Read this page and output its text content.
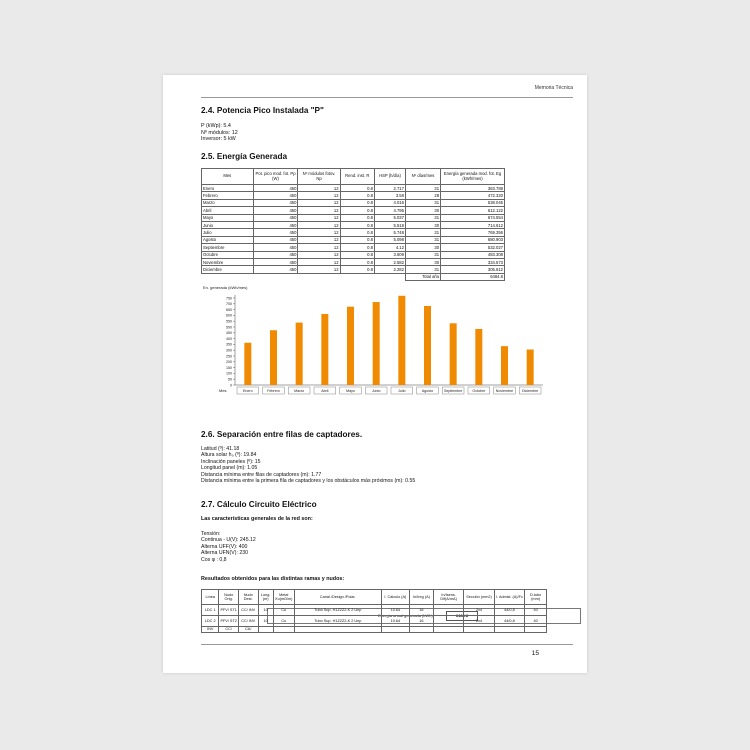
Memoria Técnica
2.4. Potencia Pico Instalada "P"
P (kWp): 5.4
Nº módulos: 12
Inversor: 5 kW
2.5. Energía Generada
Mes	Pot. pico mod. fot. Pp (W)	Nº módulos fotov. Np	Rend. inst. R	HSP (h/día)	Nº días/mes	Energía generada mod. fot. Eg (kWh/mes)
Enero	450	12	0.8	2.717	31	363.788
Febrero	450	12	0.8	3.58	28	472.320
Marzo	450	12	0.8	4.016	31	538.045
Abril	450	12	0.8	4.795	30	612.122
Mayo	450	12	0.8	5.037	31	674.554
Junio	450	12	0.8	5.518	30	714.612
Julio	450	12	0.8	5.748	31	769.356
Agosto	450	12	0.8	5.098	31	680.903
Septiembre	450	12	0.8	4.12	30	532.027
Octubre	450	12	0.8	3.609	31	483.308
Noviembre	450	12	0.8	2.582	30	334.573
Diciembre	450	12	0.8	2.282	31	305.612
					Total año	6484.8
En. generada (kWh/mes)
0
50
100
150
200
250
300
350
400
450
500
550
600
650
700
750
Enero	Febrero	Marzo	Abril	Mayo	Junio	Julio	Agosto	Septiembre	Octubre	Noviembre Diciembre
Mes
Energía anual generada (kWh):	6484.8
2.6. Separación entre filas de captadores.
Latitud (º): 41.18
Altura solar h₀ (º): 19.84
Inclinación paneles (º): 15
Longitud panel (m): 1.05
Distancia mínima entre filas de captadores (m): 1.77
Distancia mínima entre la primera fila de captadores y los obstáculos más próximos (m): 0.55
2.7. Cálculo Circuito Eléctrico
Las características generales de la red son:
Tensión:
Continua - U(V): 245.12
Alterna UFF(V): 400
Alterna UFN(V): 230
Cos φ : 0,8
Resultados obtenidos para las distintas ramas y nudos:
Línea	Nudo Orig.	Nudo Dest.	Long. (m)	Metal Xu(mΩ/m)	Canal./Design./Polar.	I. Cálculo (A)	In/Ireg (A)	In/Isens. Dif(A/mA)	Sección (mm2)	I. Admisi. (A)/Fc	D.tubo (mm)
LDC 1	PFV/ ST1	CC/ INV	10	Cu	Tubo Sup. H1Z2Z2-K 2 Unp	10.64	16		2x4	44/0,8	40
LDC 2	PFV/ ST2	CC/ INV	10	Cu	Tubo Sup. H1Z2Z2-K 2 Unp	10.64	16		2x4	44/0,8	40
INV	CC/	CA/									
15
